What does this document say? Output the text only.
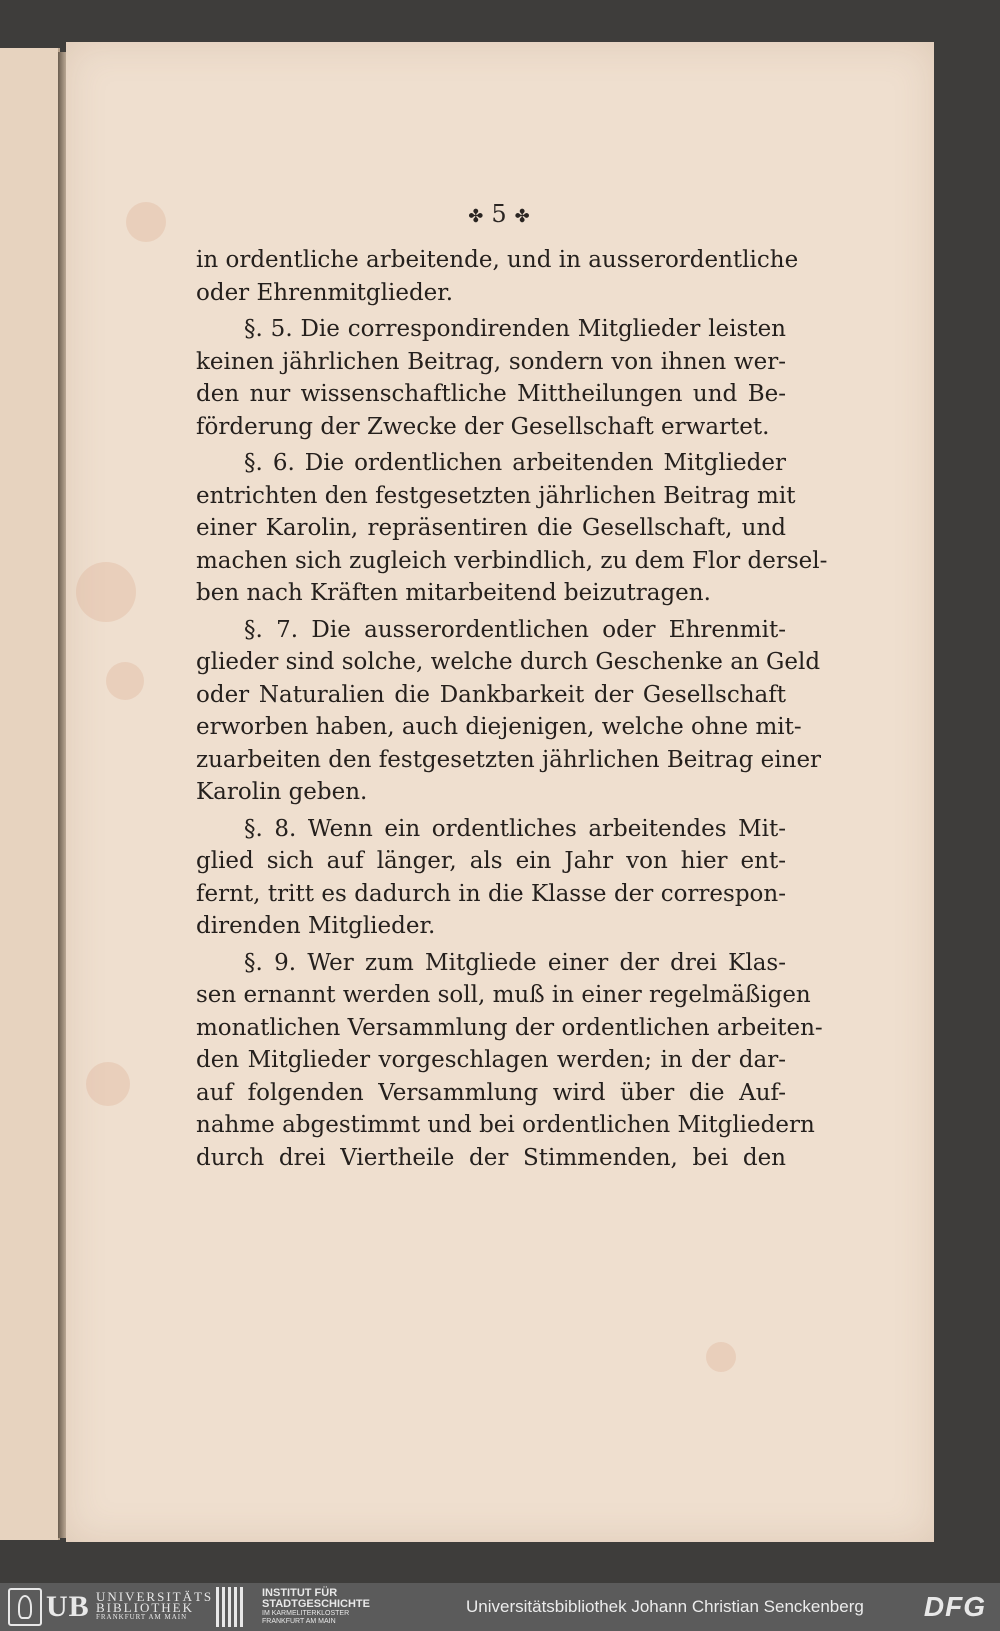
✤ 5 ✤
in ordentliche arbeitende, und in ausserordentliche
oder Ehrenmitglieder.
§. 5. Die correspondirenden Mitglieder leisten
keinen jährlichen Beitrag, sondern von ihnen wer-
den nur wissenschaftliche Mittheilungen und Be-
förderung der Zwecke der Gesellschaft erwartet.
§. 6. Die ordentlichen arbeitenden Mitglieder
entrichten den festgesetzten jährlichen Beitrag mit
einer Karolin, repräsentiren die Gesellschaft, und
machen sich zugleich verbindlich, zu dem Flor dersel-
ben nach Kräften mitarbeitend beizutragen.
§. 7. Die ausserordentlichen oder Ehrenmit-
glieder sind solche, welche durch Geschenke an Geld
oder Naturalien die Dankbarkeit der Gesellschaft
erworben haben, auch diejenigen, welche ohne mit-
zuarbeiten den festgesetzten jährlichen Beitrag einer
Karolin geben.
§. 8. Wenn ein ordentliches arbeitendes Mit-
glied sich auf länger, als ein Jahr von hier ent-
fernt, tritt es dadurch in die Klasse der correspon-
direnden Mitglieder.
§. 9. Wer zum Mitgliede einer der drei Klas-
sen ernannt werden soll, muß in einer regelmäßigen
monatlichen Versammlung der ordentlichen arbeiten-
den Mitglieder vorgeschlagen werden; in der dar-
auf folgenden Versammlung wird über die Auf-
nahme abgestimmt und bei ordentlichen Mitgliedern
durch drei Viertheile der Stimmenden, bei den
UB UNIVERSITÄTS
BIBLIOTHEK
FRANKFURT AM MAIN
INSTITUT FÜR
STADTGESCHICHTE
IM KARMELITERKLOSTER
FRANKFURT AM MAIN
Universitätsbibliothek Johann Christian Senckenberg DFG
